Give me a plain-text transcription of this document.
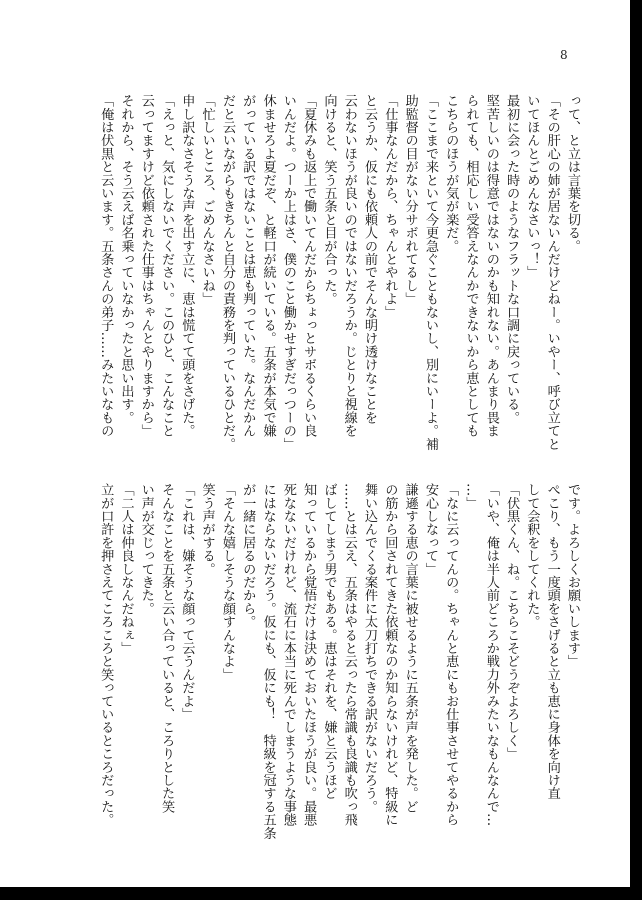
8
って、と立は言葉を切る。
「その肝心の姉が居ないんだけどねー。いやー、呼び立てと
いてほんとごめんなさいっ！」
最初に会った時のようなフラットな口調に戻っている。
堅苦しいのは得意ではないのかも知れない。あんまり畏ま
られても、相応しい受答えなんかできないから恵としても
こちらのほうが気が楽だ。
「ここまで来といて今更急ぐこともないし、別にいーよ。補
助監督の目がない分サボれてるし」
「仕事なんだから、ちゃんとやれよ」
と云うか、仮にも依頼人の前でそんな明け透けなことを
云わないほうが良いのではないだろうか。じとりと視線を
向けると、笑う五条と目が合った。
「夏休みも返上で働いてんだからちょっとサボるくらい良
いんだよ。つーか上はさ、僕のこと働かせすぎだっつーの」
休ませろよ夏だぞ、と軽口が続いている。五条が本気で嫌
がっている訳ではないことは恵も判っていた。なんだかん
だと云いながらもきちんと自分の責務を判っているひとだ。
「忙しいところ、ごめんなさいね」
申し訳なさそうな声を出す立に、恵は慌てて頭をさげた。
「えっと、気にしないでください。このひと、こんなこと
云ってますけど依頼された仕事はちゃんとやりますから」
それから、そう云えば名乗っていなかったと思い出す。
「俺は伏黒と云います。五条さんの弟子……みたいなもの
です。よろしくお願いします」
ぺこり、もう一度頭をさげると立も恵に身体を向け直
して会釈をしてくれた。
「伏黒くん、ね。こちらこそどうぞよろしく」
「いや、俺は半人前どころか戦力外みたいなもんなんで…
…」
「なに云ってんの。ちゃんと恵にもお仕事させてやるから
安心しなって」
謙遜する恵の言葉に被せるように五条が声を発した。ど
の筋から回されてきた依頼なのか知らないけれど、特級に
舞い込んでくる案件に太刀打ちできる訳がないだろう。
……とは云え、五条はやると云ったら常識も良識も吹っ飛
ばしてしまう男でもある。恵はそれを、嫌と云うほど
知っているから覚悟だけは決めておいたほうが良い。最悪
死なないだけれど、流石に本当に死んでしまうような事態
にはならないだろう。仮にも、仮にも！　特級を冠する五条
が一緒に居るのだから。
「そんな嬉しそうな顔すんなよ」
笑う声がする。
「これは、嫌そうな顔って云うんだよ」
そんなことを五条と云い合っていると、ころりとした笑
い声が交じってきた。
「二人は仲良しなんだねぇ」
立が口許を押さえてころころと笑っているところだった。
